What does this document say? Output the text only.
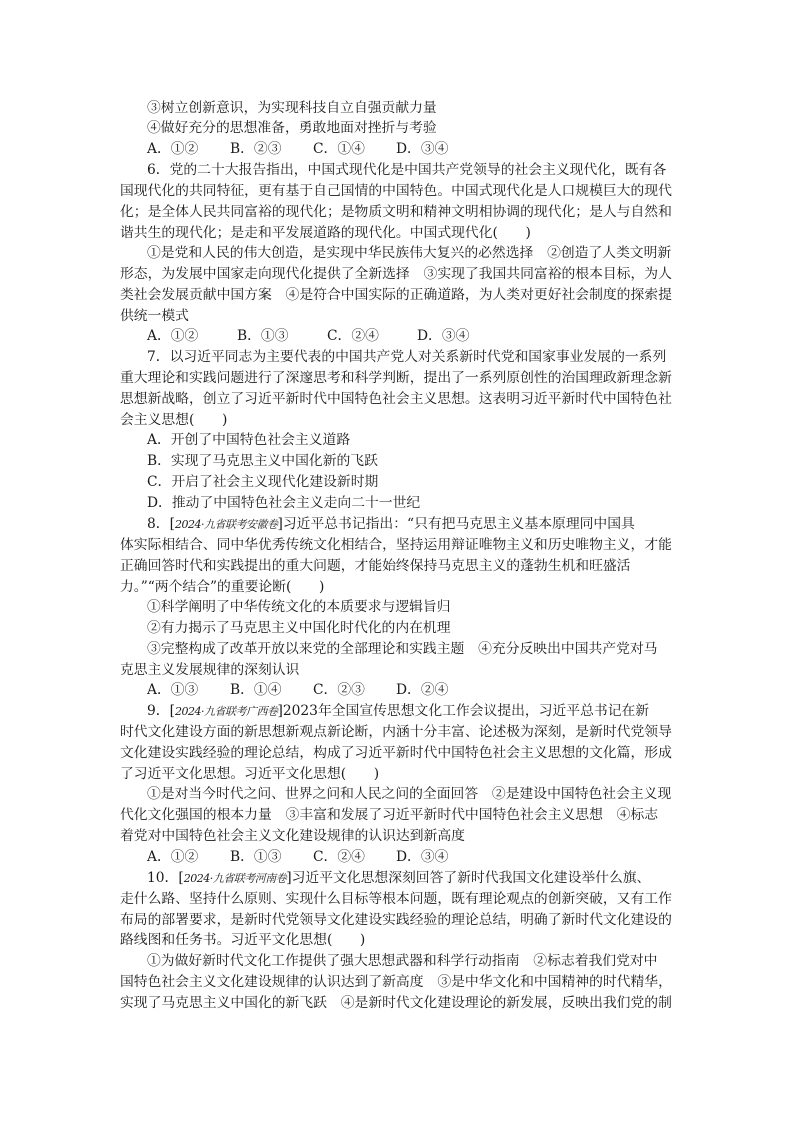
③树立创新意识，为实现科技自立自强贡献力量
④做好充分的思想准备，勇敢地面对挫折与考验
A．①② B．②③ C．①④ D．③④
6．党的二十大报告指出，中国式现代化是中国共产党领导的社会主义现代化，既有各
国现代化的共同特征，更有基于自己国情的中国特色。中国式现代化是人口规模巨大的现代
化；是全体人民共同富裕的现代化；是物质文明和精神文明相协调的现代化；是人与自然和
谐共生的现代化；是走和平发展道路的现代化。中国式现代化(　　)
①是党和人民的伟大创造，是实现中华民族伟大复兴的必然选择　②创造了人类文明新
形态，为发展中国家走向现代化提供了全新选择　③实现了我国共同富裕的根本目标，为人
类社会发展贡献中国方案　④是符合中国实际的正确道路，为人类对更好社会制度的探索提
供统一模式
A．①②	B．①③	C．②④	D．③④
7．以习近平同志为主要代表的中国共产党人对关系新时代党和国家事业发展的一系列
重大理论和实践问题进行了深邃思考和科学判断，提出了一系列原创性的治国理政新理念新
思想新战略，创立了习近平新时代中国特色社会主义思想。这表明习近平新时代中国特色社
会主义思想(　　)
A．开创了中国特色社会主义道路
B．实现了马克思主义中国化新的飞跃
C．开启了社会主义现代化建设新时期
D．推动了中国特色社会主义走向二十一世纪
8．[2024·九省联考安徽卷]习近平总书记指出：“只有把马克思主义基本原理同中国具
体实际相结合、同中华优秀传统文化相结合，坚持运用辩证唯物主义和历史唯物主义，才能
正确回答时代和实践提出的重大问题，才能始终保持马克思主义的蓬勃生机和旺盛活
力。”“两个结合”的重要论断(　　)
①科学阐明了中华传统文化的本质要求与逻辑旨归
②有力揭示了马克思主义中国化时代化的内在机理
③完整构成了改革开放以来党的全部理论和实践主题　④充分反映出中国共产党对马
克思主义发展规律的深刻认识
A．①③ B．①④ C．②③ D．②④
9．[2024·九省联考广西卷]2023年全国宣传思想文化工作会议提出，习近平总书记在新
时代文化建设方面的新思想新观点新论断，内涵十分丰富、论述极为深刻，是新时代党领导
文化建设实践经验的理论总结，构成了习近平新时代中国特色社会主义思想的文化篇，形成
了习近平文化思想。习近平文化思想(　　)
①是对当今时代之问、世界之问和人民之问的全面回答　②是建设中国特色社会主义现
代化文化强国的根本力量　③丰富和发展了习近平新时代中国特色社会主义思想　④标志
着党对中国特色社会主义文化建设规律的认识达到新高度
A．①② B．①③ C．②④ D．③④
10．[2024·九省联考河南卷]习近平文化思想深刻回答了新时代我国文化建设举什么旗、
走什么路、坚持什么原则、实现什么目标等根本问题，既有理论观点的创新突破，又有工作
布局的部署要求，是新时代党领导文化建设实践经验的理论总结，明确了新时代文化建设的
路线图和任务书。习近平文化思想(　　)
①为做好新时代文化工作提供了强大思想武器和科学行动指南　②标志着我们党对中
国特色社会主义文化建设规律的认识达到了新高度　③是中华文化和中国精神的时代精华，
实现了马克思主义中国化的新飞跃　④是新时代文化建设理论的新发展，反映出我们党的制
